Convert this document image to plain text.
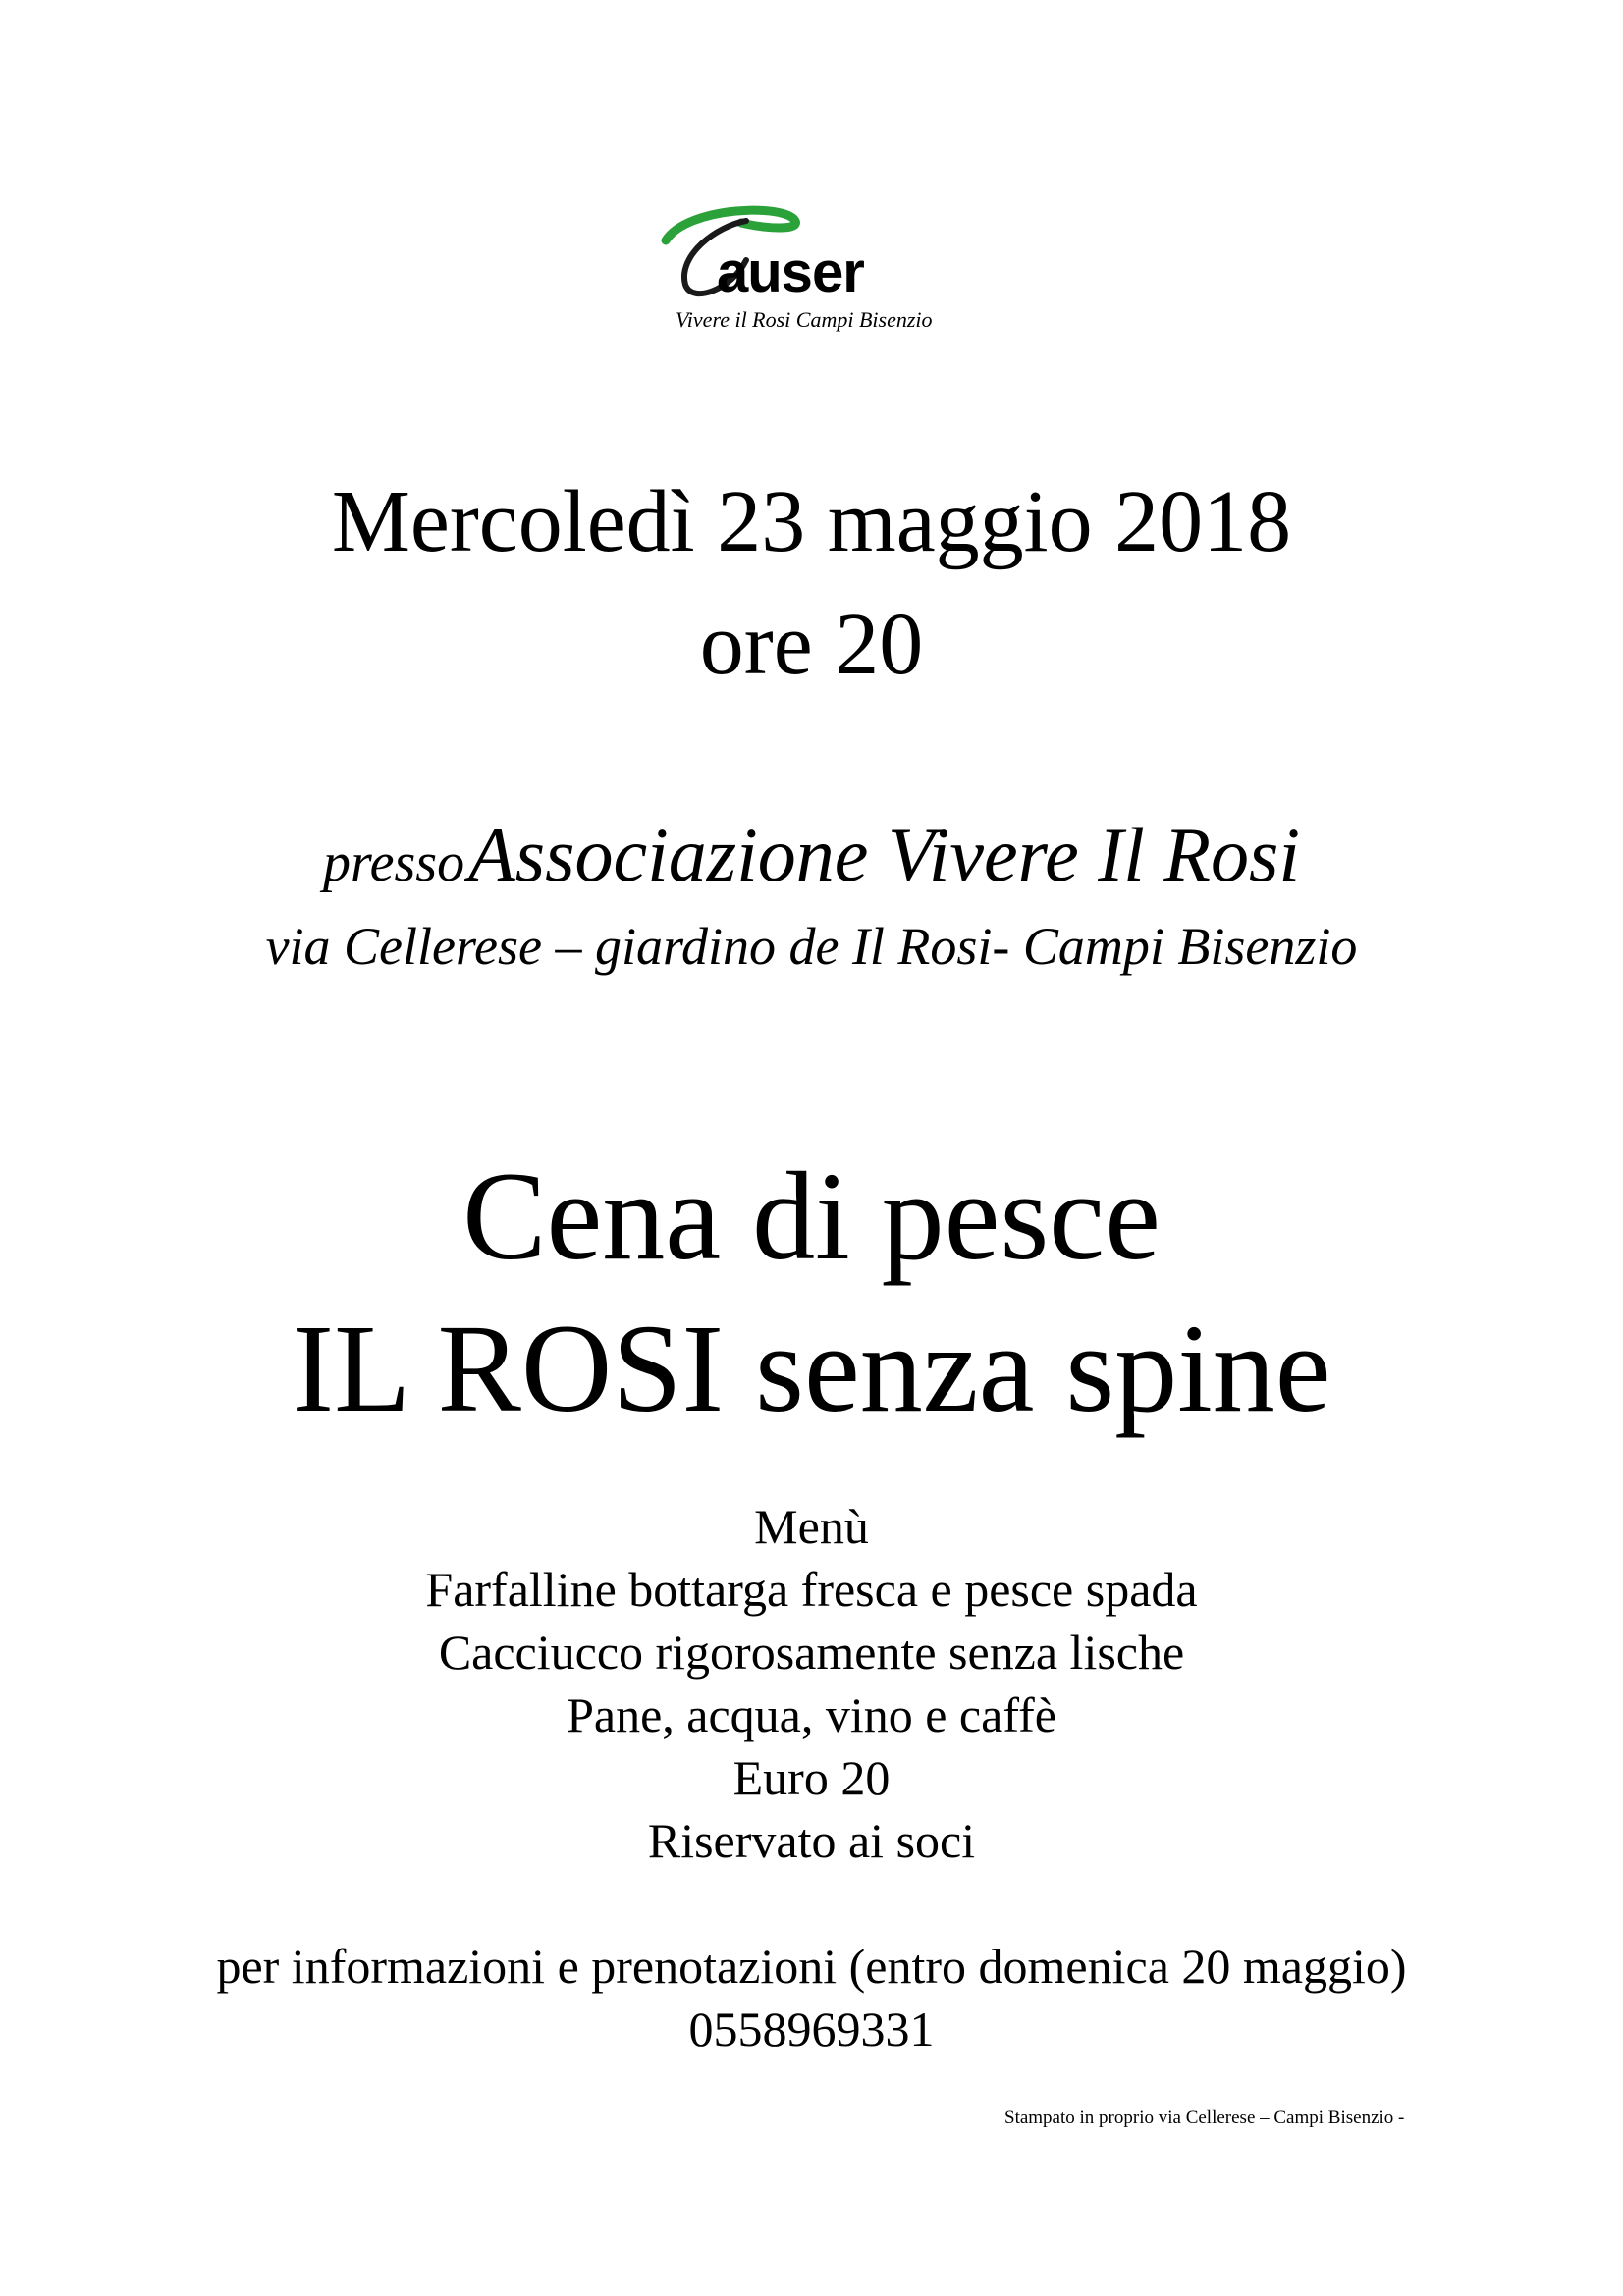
auser
Vivere il Rosi Campi Bisenzio
Mercoledì 23 maggio 2018
ore 20
presso Associazione Vivere Il Rosi
via Cellerese – giardino de Il Rosi- Campi Bisenzio
Cena di pesce
IL ROSI senza spine
Menù
Farfalline bottarga fresca e pesce spada
Cacciucco rigorosamente senza lische
Pane, acqua, vino e caffè
Euro 20
Riservato ai soci
per informazioni e prenotazioni (entro domenica 20 maggio)
0558969331
Stampato in proprio via Cellerese – Campi Bisenzio -
